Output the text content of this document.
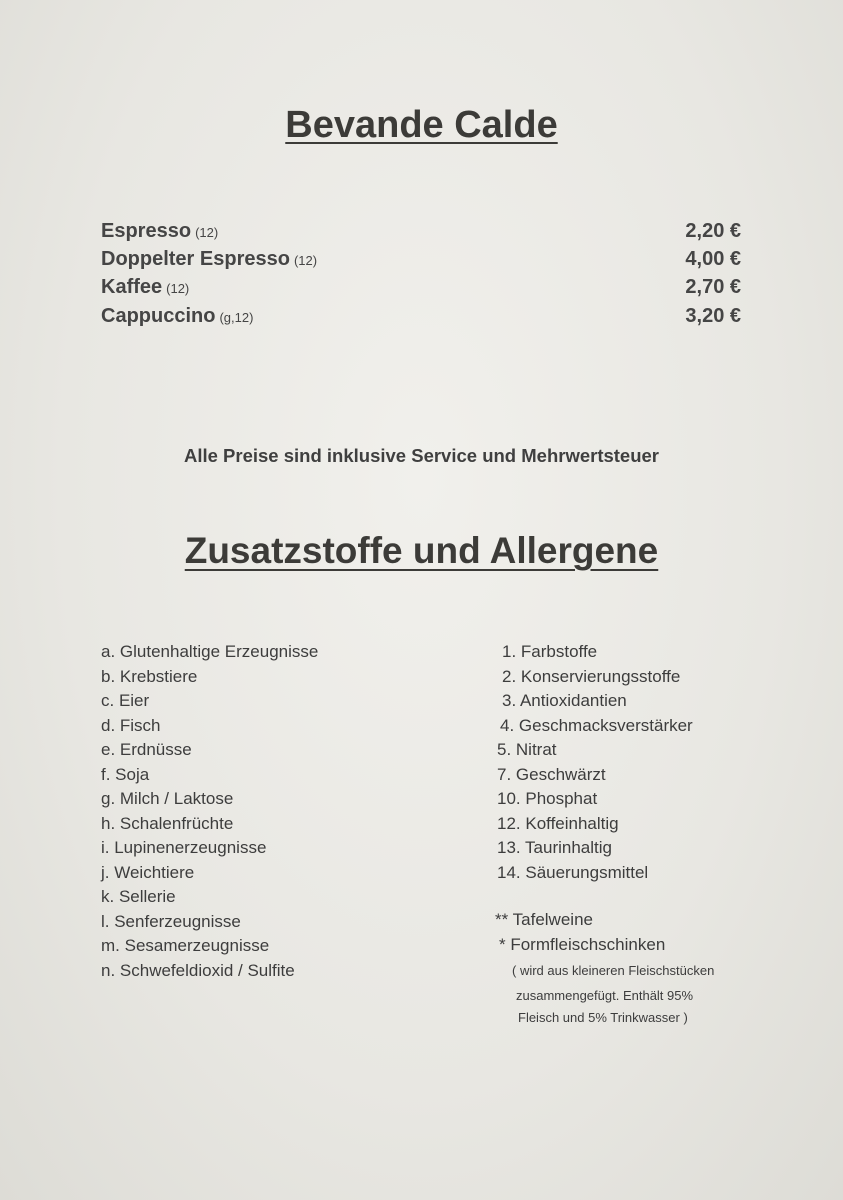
Bevande Calde
Espresso (12)	2,20 €
Doppelter Espresso (12)	4,00 €
Kaffee (12)	2,70 €
Cappuccino (g,12)	3,20 €
Alle Preise sind inklusive Service und Mehrwertsteuer
Zusatzstoffe und Allergene
a. Glutenhaltige Erzeugnisse
b. Krebstiere
c. Eier
d. Fisch
e. Erdnüsse
f. Soja
g. Milch / Laktose
h. Schalenfrüchte
i. Lupinenerzeugnisse
j. Weichtiere
k. Sellerie
l. Senferzeugnisse
m. Sesamerzeugnisse
n. Schwefeldioxid / Sulfite
1. Farbstoffe
2. Konservierungsstoffe
3. Antioxidantien
4. Geschmacksverstärker
5. Nitrat
7. Geschwärzt
10. Phosphat
12. Koffeinhaltig
13. Taurinhaltig
14. Säuerungsmittel
** Tafelweine
* Formfleischschinken
( wird aus kleineren Fleischstücken
zusammengefügt. Enthält 95%
Fleisch und 5% Trinkwasser )
